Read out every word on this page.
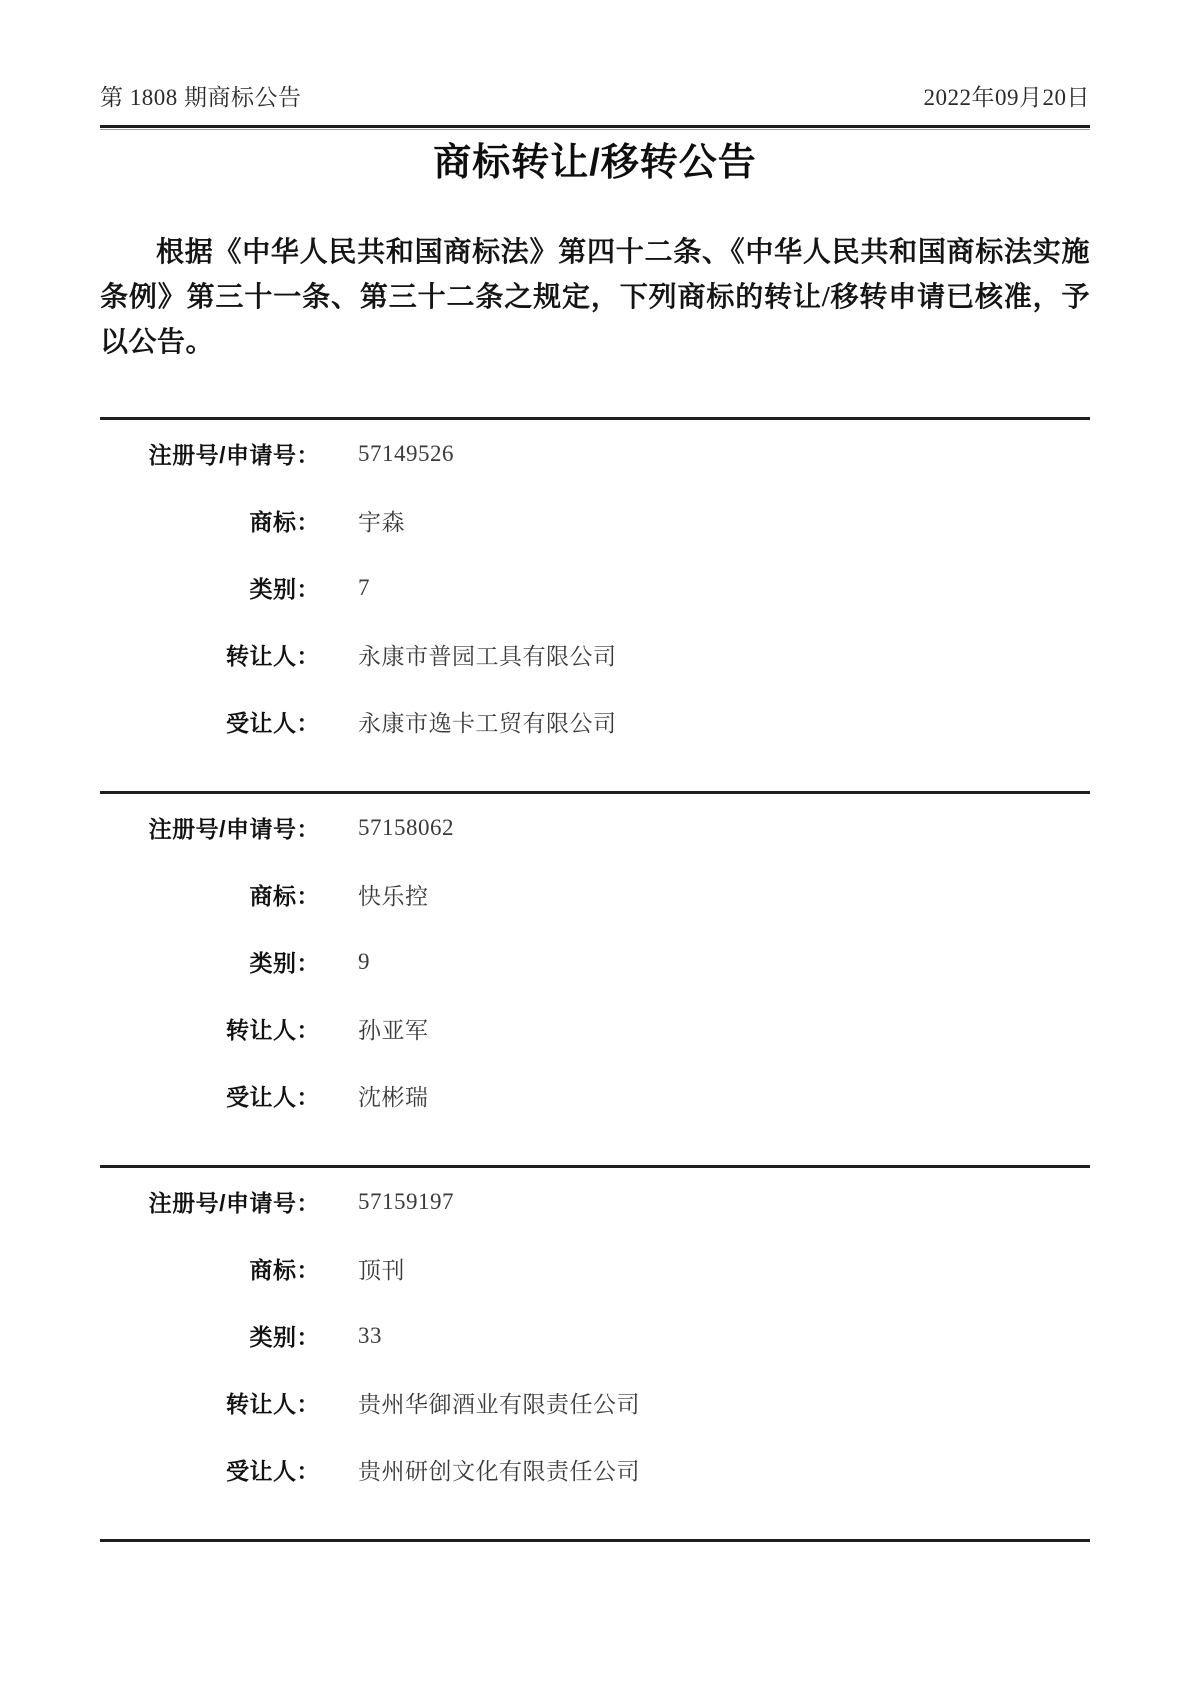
第 1808 期商标公告	2022年09月20日
商标转让/移转公告

根据《中华人民共和国商标法》第四十二条、《中华人民共和国商标法实施条例》第三十一条、第三十二条之规定，下列商标的转让/移转申请已核准，予以公告。

注册号/申请号： 57149526
商标： 宇森
类别： 7
转让人： 永康市普园工具有限公司
受让人： 永康市逸卡工贸有限公司
注册号/申请号： 57158062
商标： 快乐控
类别： 9
转让人： 孙亚军
受让人： 沈彬瑞
注册号/申请号： 57159197
商标： 顶刊
类别： 33
转让人： 贵州华御酒业有限责任公司
受让人： 贵州研创文化有限责任公司
